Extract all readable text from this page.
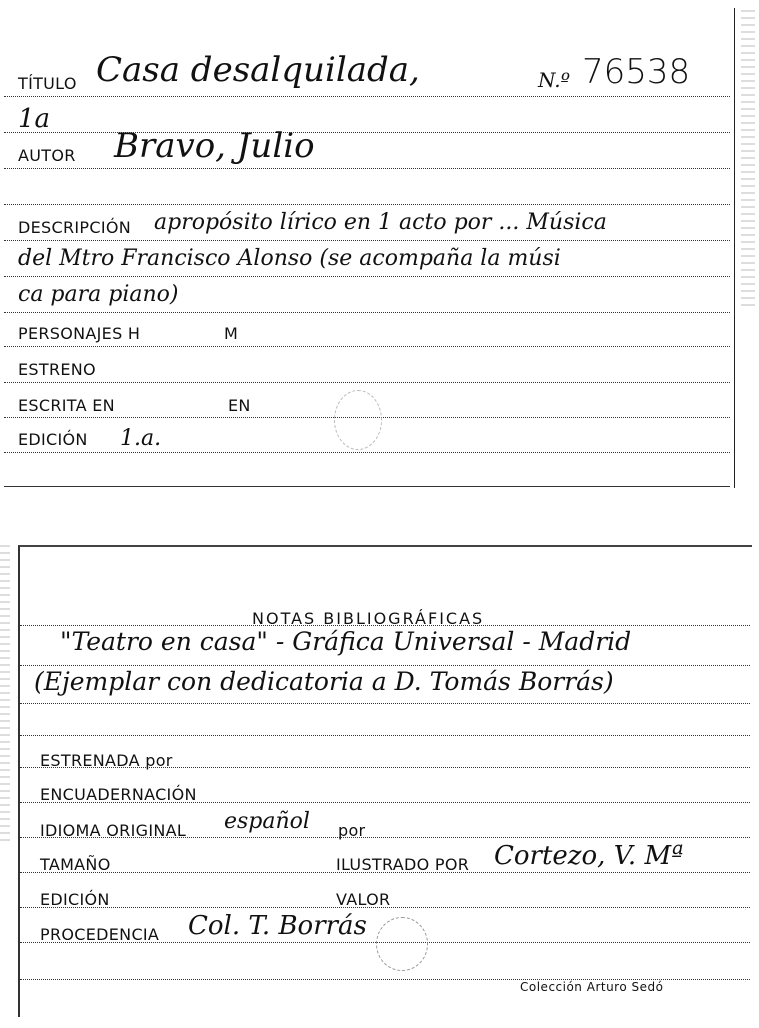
TÍTULO Casa desalquilada,	N.º 76538
1a
AUTOR Bravo, Julio
DESCRIPCIÓN apropósito lírico en 1 acto por ... Música
del Mtro Francisco Alonso (se acompaña la músi
ca para piano)
PERSONAJES H	M
ESTRENO
ESCRITA EN	EN
EDICIÓN 1.a.
NOTAS BIBLIOGRÁFICAS
"Teatro en casa" - Gráfica Universal - Madrid
(Ejemplar con dedicatoria a D. Tomás Borrás)
ESTRENADA por
ENCUADERNACIÓN
IDIOMA ORIGINAL español por
TAMAÑO	ILUSTRADO POR Cortezo, V. Mª
EDICIÓN	VALOR
PROCEDENCIA Col. T. Borrás
Colección Arturo Sedó
